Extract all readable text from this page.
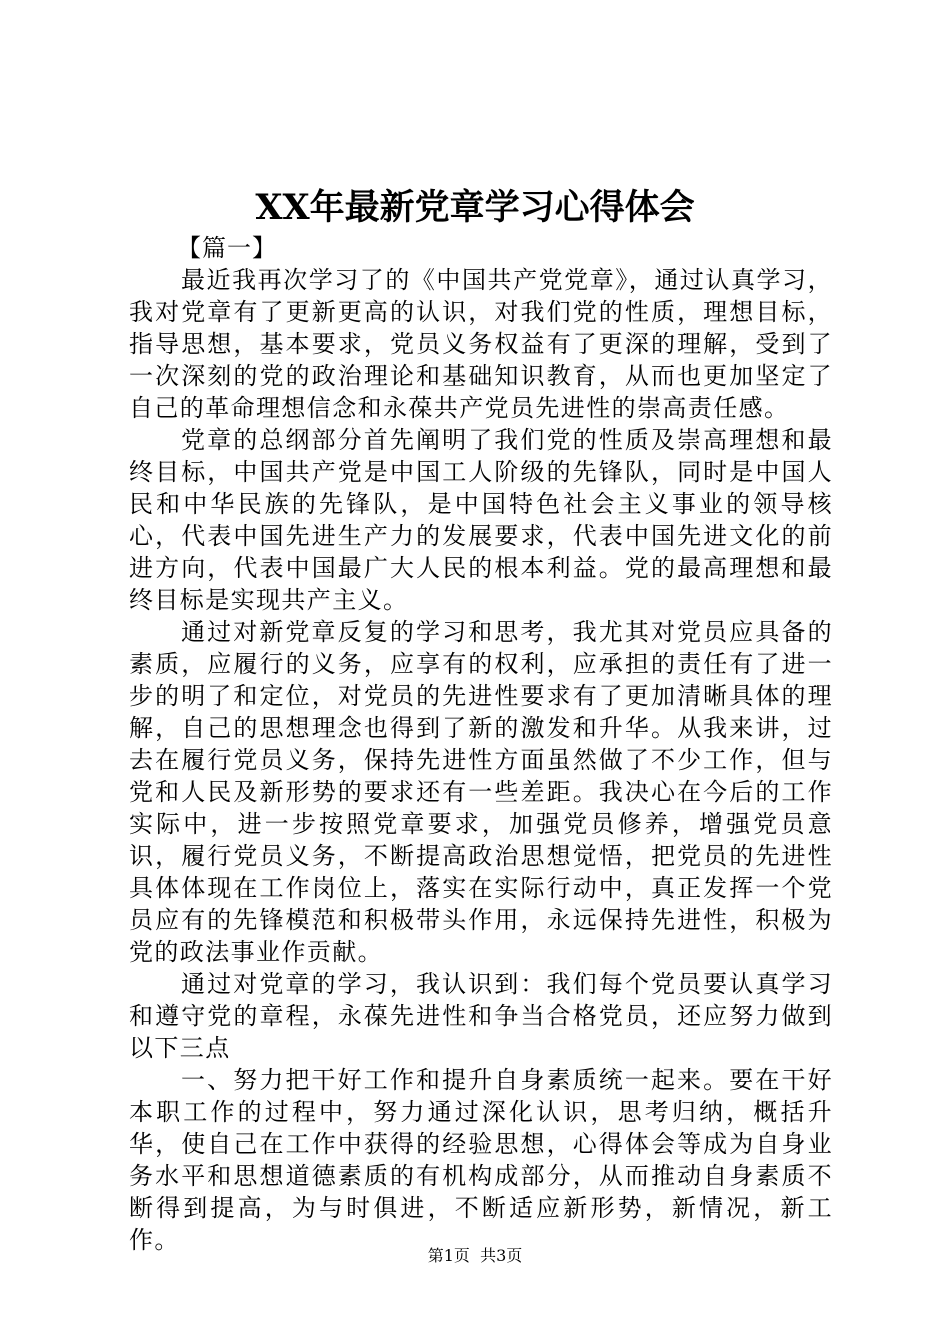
XX年最新党章学习心得体会
【篇一】

最近我再次学习了的《中国共产党党章》，通过认真学习，我对党章有了更新更高的认识，对我们党的性质，理想目标，指导思想，基本要求，党员义务权益有了更深的理解，受到了一次深刻的党的政治理论和基础知识教育，从而也更加坚定了自己的革命理想信念和永葆共产党员先进性的崇高责任感。

党章的总纲部分首先阐明了我们党的性质及崇高理想和最终目标，中国共产党是中国工人阶级的先锋队，同时是中国人民和中华民族的先锋队，是中国特色社会主义事业的领导核心，代表中国先进生产力的发展要求，代表中国先进文化的前进方向，代表中国最广大人民的根本利益。党的最高理想和最终目标是实现共产主义。

通过对新党章反复的学习和思考，我尤其对党员应具备的素质，应履行的义务，应享有的权利，应承担的责任有了进一步的明了和定位，对党员的先进性要求有了更加清晰具体的理解，自己的思想理念也得到了新的激发和升华。从我来讲，过去在履行党员义务，保持先进性方面虽然做了不少工作，但与党和人民及新形势的要求还有一些差距。我决心在今后的工作实际中，进一步按照党章要求，加强党员修养，增强党员意识，履行党员义务，不断提高政治思想觉悟，把党员的先进性具体体现在工作岗位上，落实在实际行动中，真正发挥一个党员应有的先锋模范和积极带头作用，永远保持先进性，积极为党的政法事业作贡献。

通过对党章的学习，我认识到：我们每个党员要认真学习和遵守党的章程，永葆先进性和争当合格党员，还应努力做到以下三点

一、努力把干好工作和提升自身素质统一起来。要在干好本职工作的过程中，努力通过深化认识，思考归纳，概括升华，使自己在工作中获得的经验思想，心得体会等成为自身业务水平和思想道德素质的有机构成部分，从而推动自身素质不断得到提高，为与时俱进，不断适应新形势，新情况，新工作。

第1页  共3页
